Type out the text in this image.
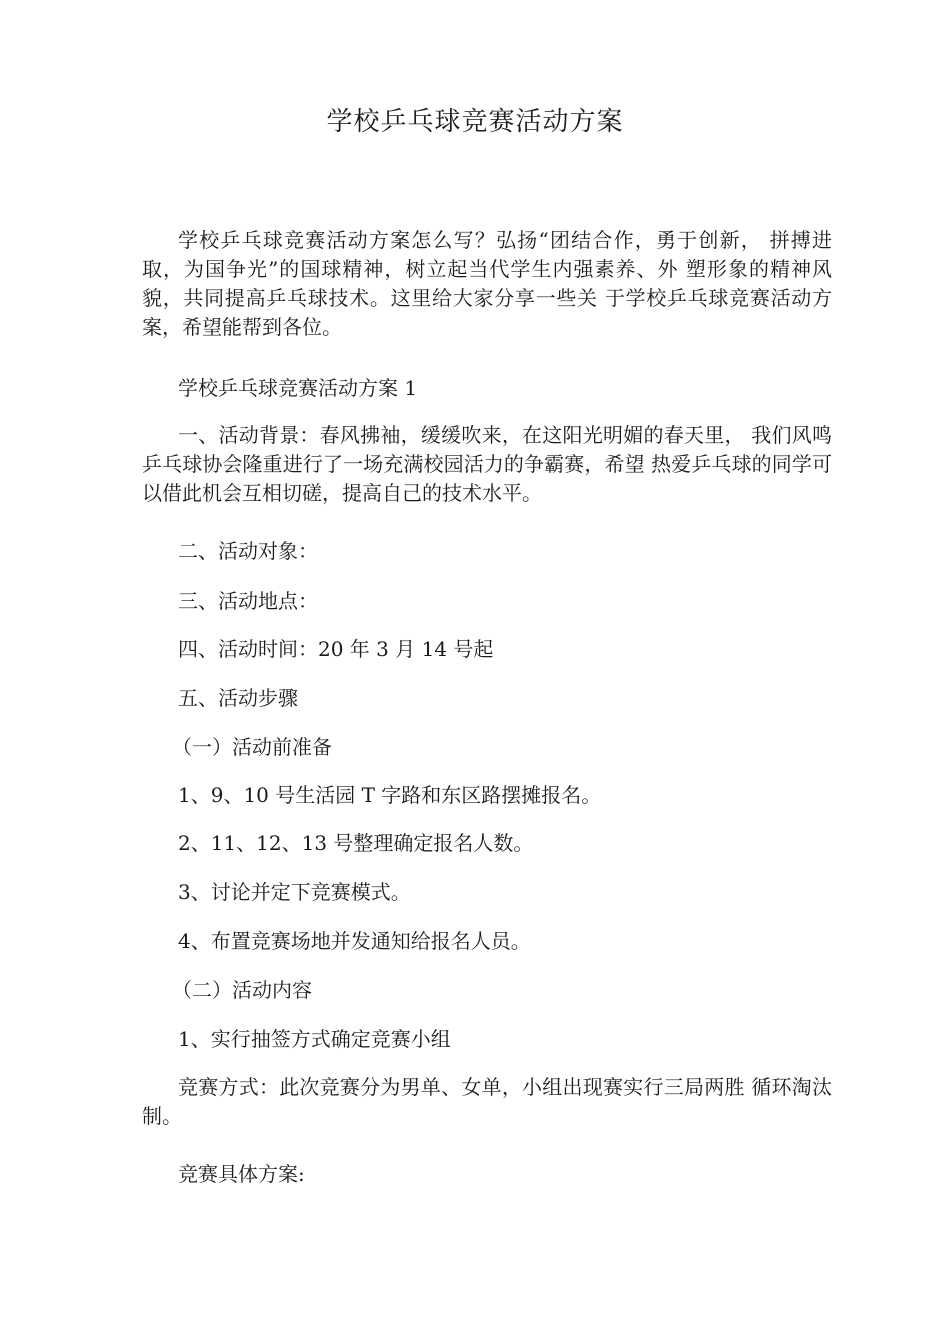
学校乒乓球竞赛活动方案

学校乒乓球竞赛活动方案怎么写？弘扬“团结合作，勇于创新， 拼搏进取，为国争光”的国球精神，树立起当代学生内强素养、外 塑形象的精神风貌，共同提高乒乓球技术。这里给大家分享一些关 于学校乒乓球竞赛活动方案，希望能帮到各位。

学校乒乓球竞赛活动方案 1

一、活动背景：春风拂袖，缓缓吹来，在这阳光明媚的春天里， 我们风鸣乒乓球协会隆重进行了一场充满校园活力的争霸赛，希望 热爱乒乓球的同学可以借此机会互相切磋，提高自己的技术水平。

二、活动对象：

三、活动地点：

四、活动时间：20 年 3 月 14 号起

五、活动步骤

（一）活动前准备

1、9、10 号生活园 T 字路和东区路摆摊报名。

2、11、12、13 号整理确定报名人数。

3、讨论并定下竞赛模式。

4、布置竞赛场地并发通知给报名人员。

（二）活动内容

1、实行抽签方式确定竞赛小组

竞赛方式：此次竞赛分为男单、女单，小组出现赛实行三局两胜 循环淘汰制。

竞赛具体方案:
